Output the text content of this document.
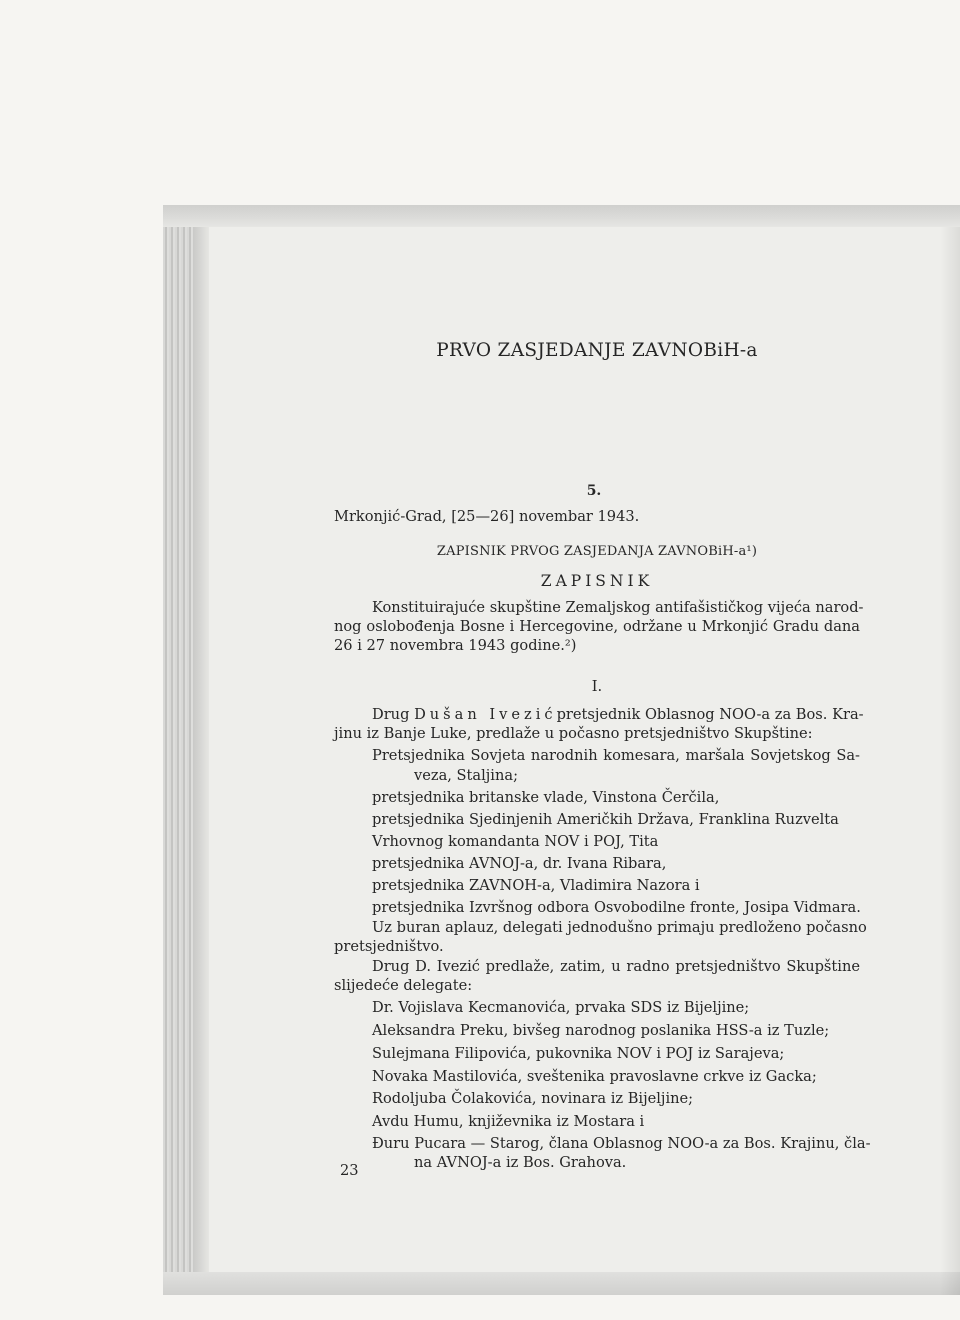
PRVO ZASJEDANJE ZAVNOBiH-a
5.
Mrkonjić-Grad, [25—26] novembar 1943.
ZAPISNIK PRVOG ZASJEDANJA ZAVNOBiH-a¹)
ZAPISNIK
Konstituirajuće skupštine Zemaljskog antifašističkog vijeća narod-
nog oslobođenja Bosne i Hercegovine, održane u Mrkonjić Gradu dana
26 i 27 novembra 1943 godine.²)
I.
Drug Dušan Ivezić pretsjednik Oblasnog NOO-a za Bos. Kra-
jinu iz Banje Luke, predlaže u počasno pretsjedništvo Skupštine:
Pretsjednika Sovjeta narodnih komesara, maršala Sovjetskog Sa-
veza, Staljina;
pretsjednika britanske vlade, Vinstona Čerčila,
pretsjednika Sjedinjenih Američkih Država, Franklina Ruzvelta
Vrhovnog komandanta NOV i POJ, Tita
pretsjednika AVNOJ-a, dr. Ivana Ribara,
pretsjednika ZAVNOH-a, Vladimira Nazora i
pretsjednika Izvršnog odbora Osvobodilne fronte, Josipa Vidmara.
Uz buran aplauz, delegati jednodušno primaju predloženo počasno
pretsjedništvo.
Drug D. Ivezić predlaže, zatim, u radno pretsjedništvo Skupštine
slijedeće delegate:
Dr. Vojislava Kecmanovića, prvaka SDS iz Bijeljine;
Aleksandra Preku, bivšeg narodnog poslanika HSS-a iz Tuzle;
Sulejmana Filipovića, pukovnika NOV i POJ iz Sarajeva;
Novaka Mastilovića, sveštenika pravoslavne crkve iz Gacka;
Rodoljuba Čolakovića, novinara iz Bijeljine;
Avdu Humu, književnika iz Mostara i
Đuru Pucara — Starog, člana Oblasnog NOO-a za Bos. Krajinu, čla-
na AVNOJ-a iz Bos. Grahova.
23
